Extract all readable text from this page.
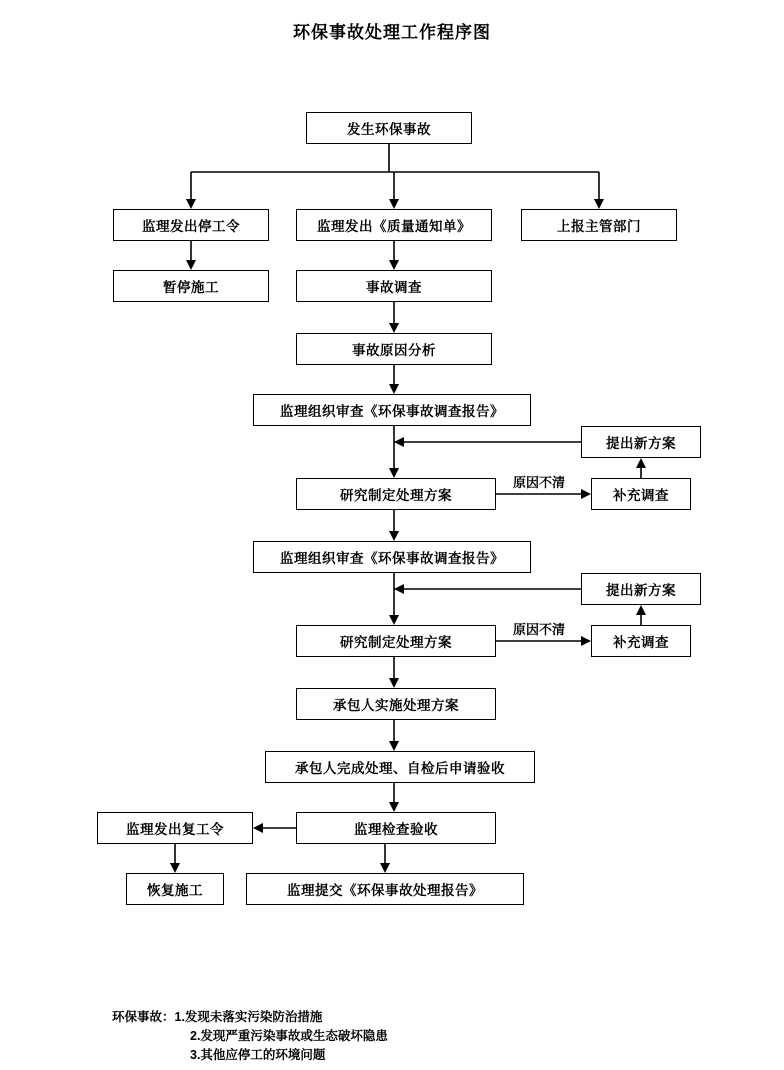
环保事故处理工作程序图
发生环保事故
监理发出停工令	监理发出《质量通知单》	上报主管部门
暂停施工	事故调查
事故原因分析
监理组织审查《环保事故调查报告》
提出新方案
研究制定处理方案	补充调查
监理组织审查《环保事故调查报告》
提出新方案
研究制定处理方案	补充调查
承包人实施处理方案
承包人完成处理、自检后申请验收
监理发出复工令	监理检查验收
恢复施工	监理提交《环保事故处理报告》
原因不清
原因不清
环保事故：1.发现未落实污染防治措施
2.发现严重污染事故或生态破坏隐患
3.其他应停工的环境问题
